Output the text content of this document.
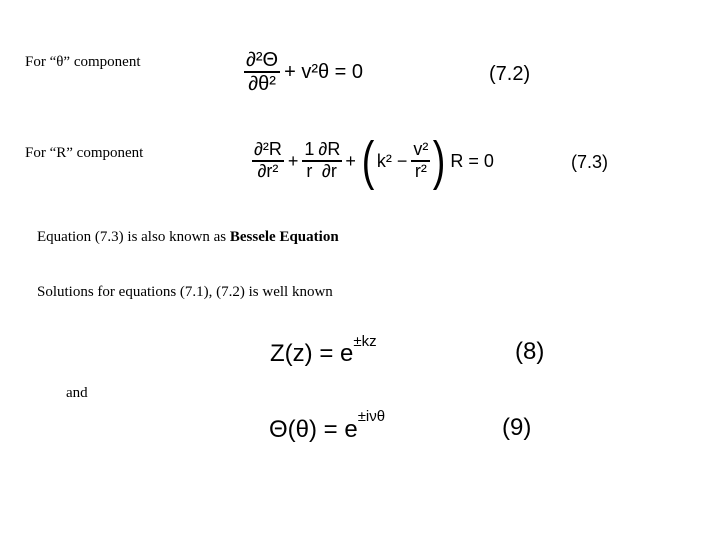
For “θ” component
For “R” component
Equation (7.3) is also known as Bessele Equation
Solutions for equations (7.1), (7.2) is well known
and
$\frac{\text{∂²Θ}}{\text{∂θ²}} + v^2\theta = 0$	(7.2)
$\frac{\text{∂²R}}{\text{∂r²}} + \frac{1}{r} \frac{\partial R}{\partial r}$ + ( $k^2 - \frac{\text{v²}}{\text{r²}}$ ) R = 0	(7.3)
Z(z) = e ±kz	(8)
Θ(θ) = e ±iνθ	(9)
